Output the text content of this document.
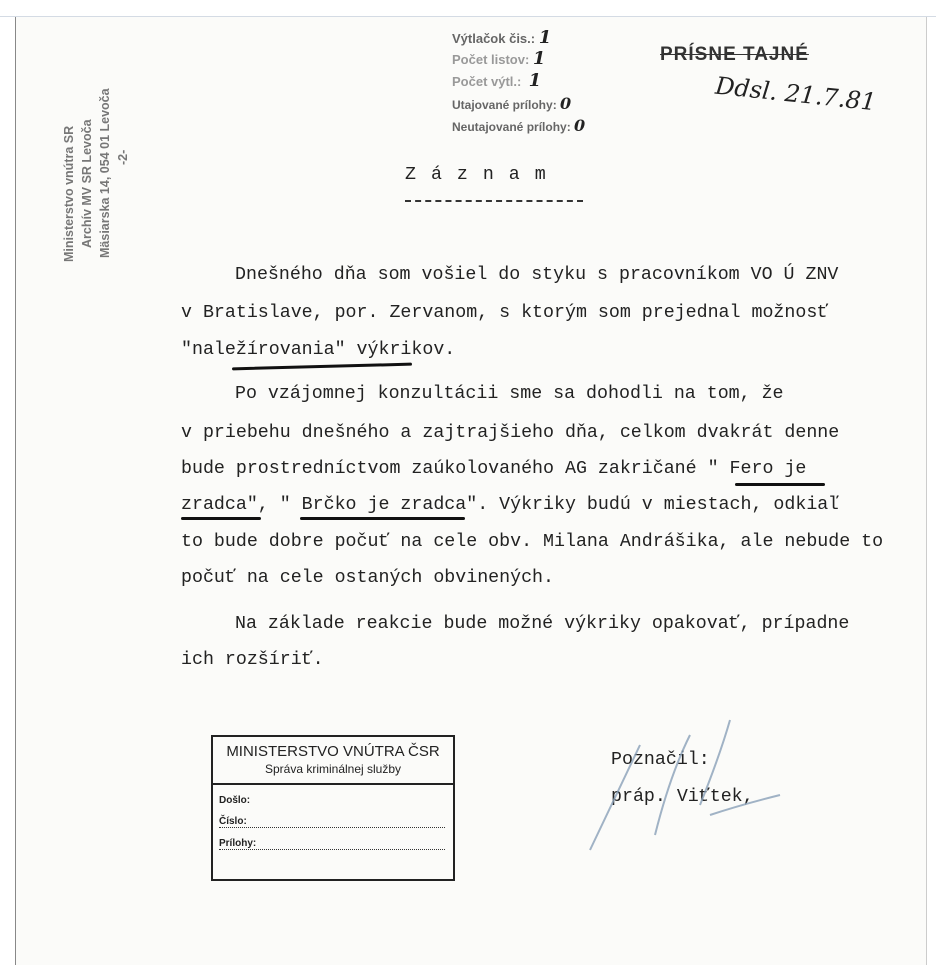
Výtlačok čis.: 1
Počet listov: 1
Počet výtl.: 1
Utajované prílohy: 0
Neutajované prílohy: 0
PRÍSNE TAJNÉ
Ddsl. 21.7.81
Ministerstvo vnútra SR Archív MV SR Levoča Mäsiarska 14, 054 01 Levoča -2-
Z á z n a m
Dnešného dňa som vošiel do styku s pracovníkom VO Ú ZNV
v Bratislave, por. Zervanom, s ktorým som prejednal možnosť
"naležírovania" výkrikov.
Po vzájomnej konzultácii sme sa dohodli na tom, že
v priebehu dnešného a zajtrajšieho dňa, celkom dvakrát denne
bude prostredníctvom zaúkolovaného AG zakričané " Fero je
zradca", " Brčko je zradca". Výkriky budú v miestach, odkiaľ
to bude dobre počuť na cele obv. Milana Andrášika, ale nebude to
počuť na cele ostaných obvinených.
Na základe reakcie bude možné výkriky opakovať, prípadne
ich rozšíriť.
MINISTERSTVO VNÚTRA ČSR
Správa kriminálnej služby
Došlo:
Číslo:
Prílohy:
Poznačil:
práp. Viťtek,
